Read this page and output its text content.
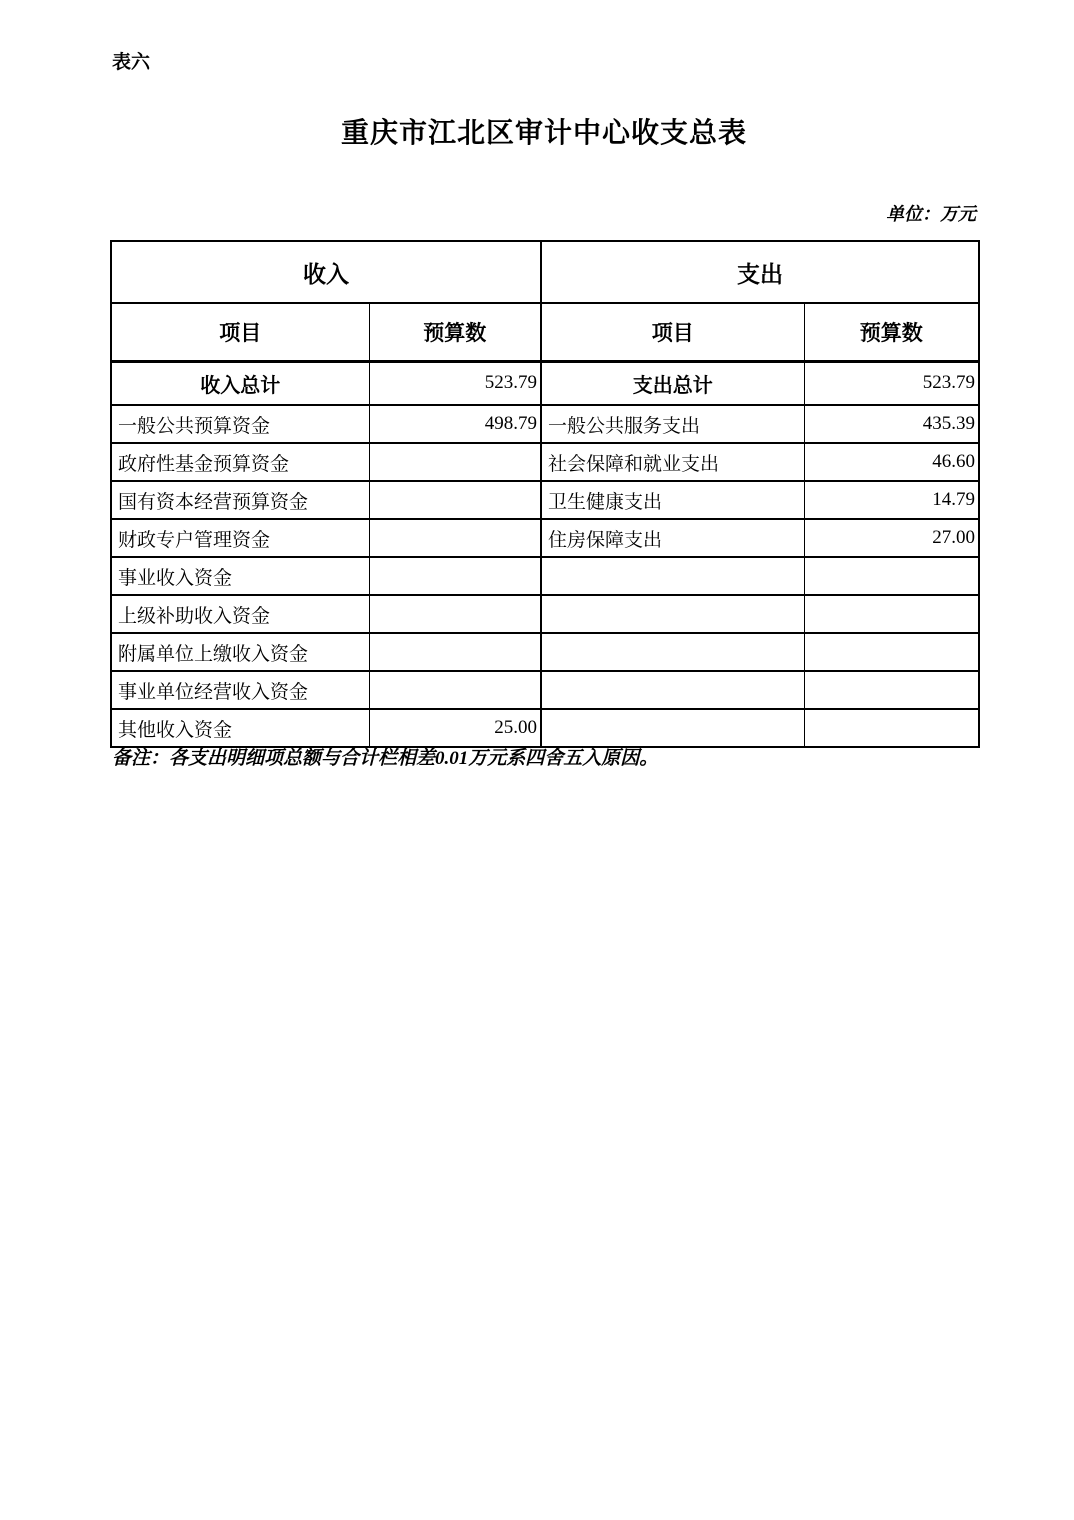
表六
重庆市江北区审计中心收支总表
单位：万元
收入		支出	
项目	预算数	项目	预算数
收入总计	523.79	支出总计	523.79
一般公共预算资金	498.79	一般公共服务支出	435.39
政府性基金预算资金		社会保障和就业支出	46.60
国有资本经营预算资金		卫生健康支出	14.79
财政专户管理资金		住房保障支出	27.00
事业收入资金			
上级补助收入资金			
附属单位上缴收入资金			
事业单位经营收入资金			
其他收入资金	25.00		
备注：各支出明细项总额与合计栏相差0.01万元系四舍五入原因。
